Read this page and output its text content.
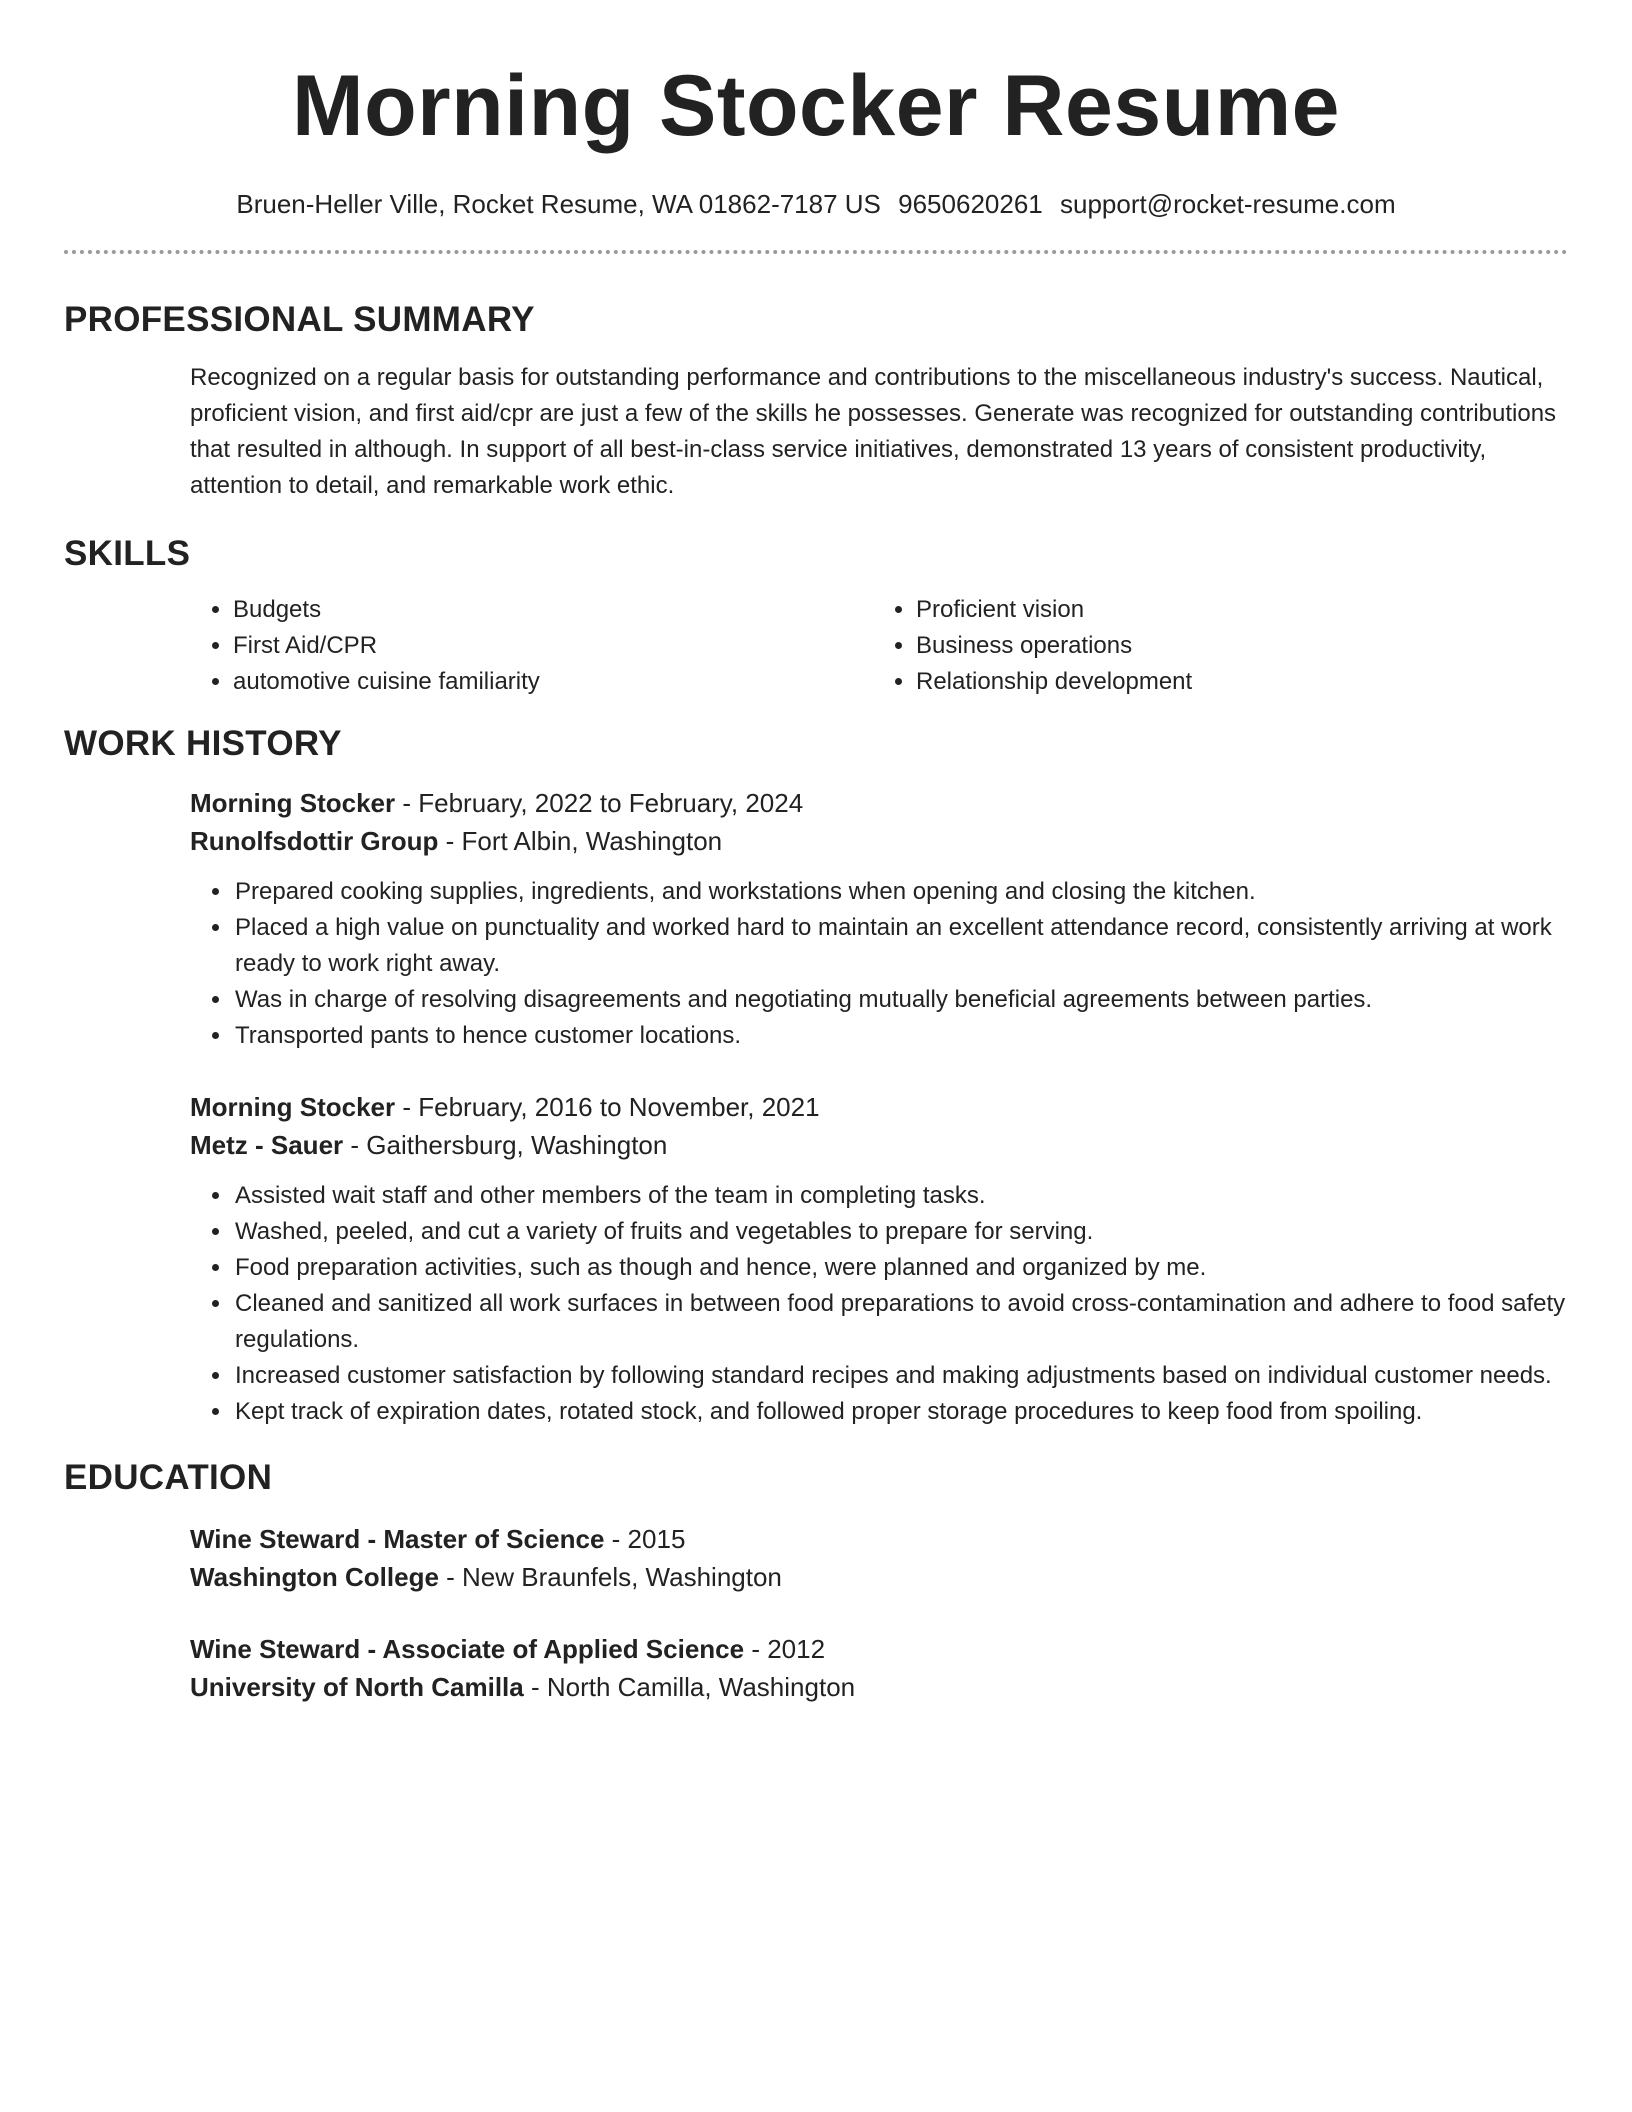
Morning Stocker Resume
Bruen-Heller Ville, Rocket Resume, WA 01862-7187 US 9650620261 support@rocket-resume.com
PROFESSIONAL SUMMARY

Recognized on a regular basis for outstanding performance and contributions to the miscellaneous industry's success. Nautical, proficient vision, and first aid/cpr are just a few of the skills he possesses. Generate was recognized for outstanding contributions that resulted in although. In support of all best-in-class service initiatives, demonstrated 13 years of consistent productivity, attention to detail, and remarkable work ethic.

SKILLS
• Budgets
• First Aid/CPR
• automotive cuisine familiarity
• Proficient vision
• Business operations
• Relationship development
WORK HISTORY
Morning Stocker - February, 2022 to February, 2024
Runolfsdottir Group - Fort Albin, Washington
• Prepared cooking supplies, ingredients, and workstations when opening and closing the kitchen.
• Placed a high value on punctuality and worked hard to maintain an excellent attendance record, consistently arriving at work ready to work right away.
• Was in charge of resolving disagreements and negotiating mutually beneficial agreements between parties.
• Transported pants to hence customer locations.
Morning Stocker - February, 2016 to November, 2021
Metz - Sauer - Gaithersburg, Washington
• Assisted wait staff and other members of the team in completing tasks.
• Washed, peeled, and cut a variety of fruits and vegetables to prepare for serving.
• Food preparation activities, such as though and hence, were planned and organized by me.
• Cleaned and sanitized all work surfaces in between food preparations to avoid cross-contamination and adhere to food safety regulations.
• Increased customer satisfaction by following standard recipes and making adjustments based on individual customer needs.
• Kept track of expiration dates, rotated stock, and followed proper storage procedures to keep food from spoiling.
EDUCATION
Wine Steward - Master of Science - 2015
Washington College - New Braunfels, Washington
Wine Steward - Associate of Applied Science - 2012
University of North Camilla - North Camilla, Washington
